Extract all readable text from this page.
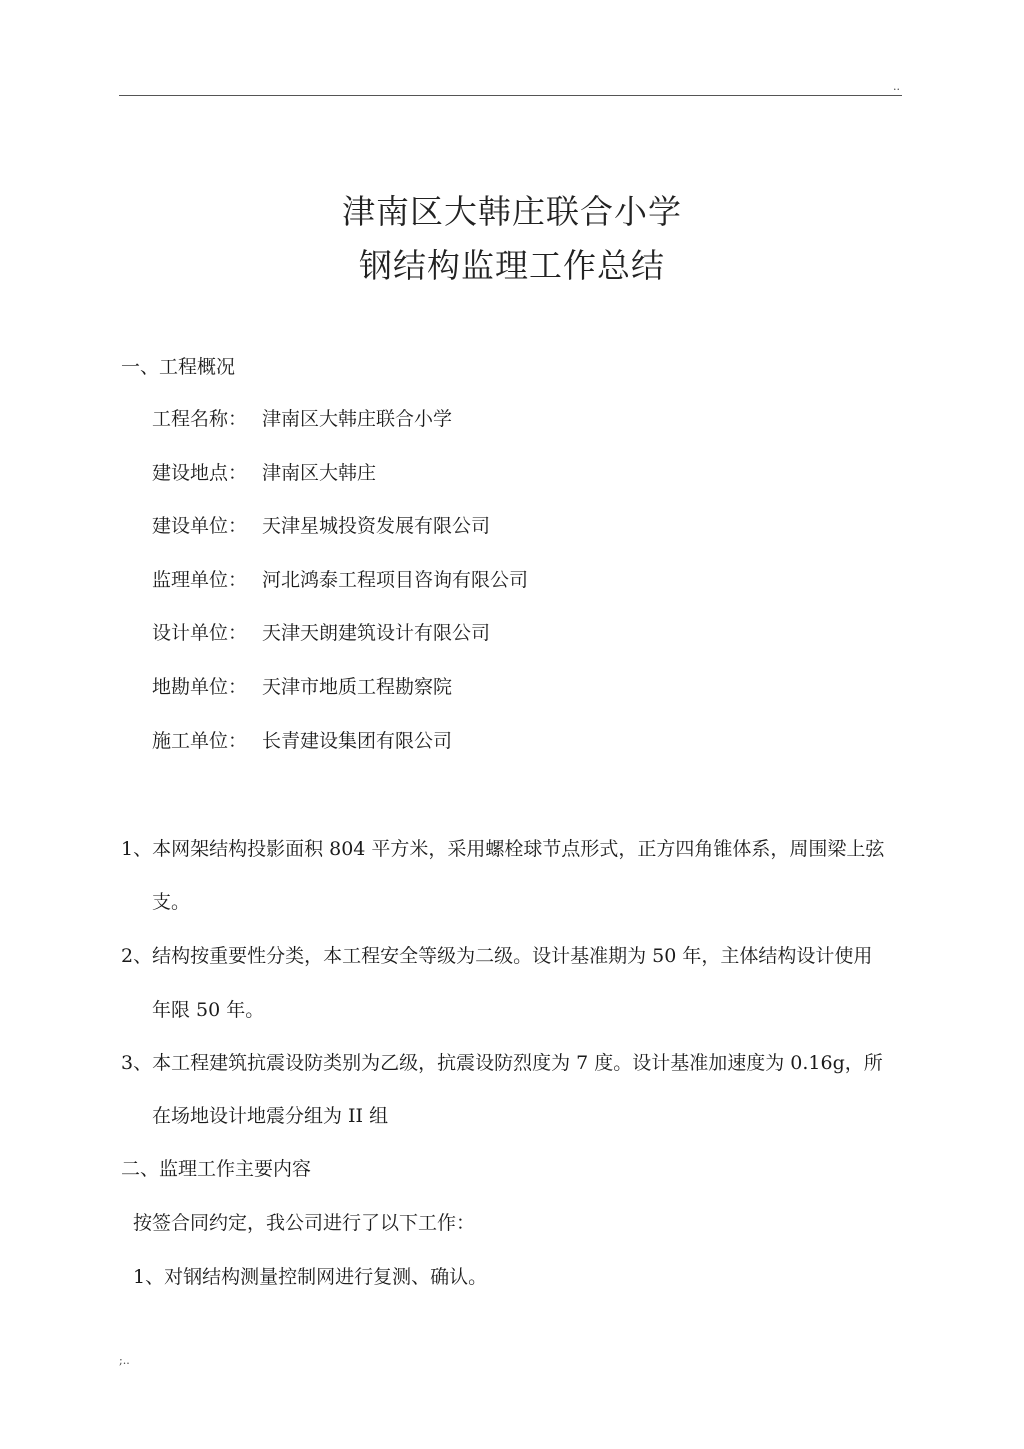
..
津南区大韩庄联合小学
钢结构监理工作总结
一、工程概况
工程名称： 津南区大韩庄联合小学
建设地点： 津南区大韩庄
建设单位： 天津星城投资发展有限公司
监理单位： 河北鸿泰工程项目咨询有限公司
设计单位： 天津天朗建筑设计有限公司
地勘单位： 天津市地质工程勘察院
施工单位： 长青建设集团有限公司
1、本网架结构投影面积 804 平方米，采用螺栓球节点形式，正方四角锥体系，周围梁上弦
支。
2、结构按重要性分类，本工程安全等级为二级。设计基准期为 50 年，主体结构设计使用
年限 50 年。
3、本工程建筑抗震设防类别为乙级，抗震设防烈度为 7 度。设计基准加速度为 0.16g，所
在场地设计地震分组为 II 组
二、监理工作主要内容
按签合同约定，我公司进行了以下工作：
1、对钢结构测量控制网进行复测、确认。
;..
